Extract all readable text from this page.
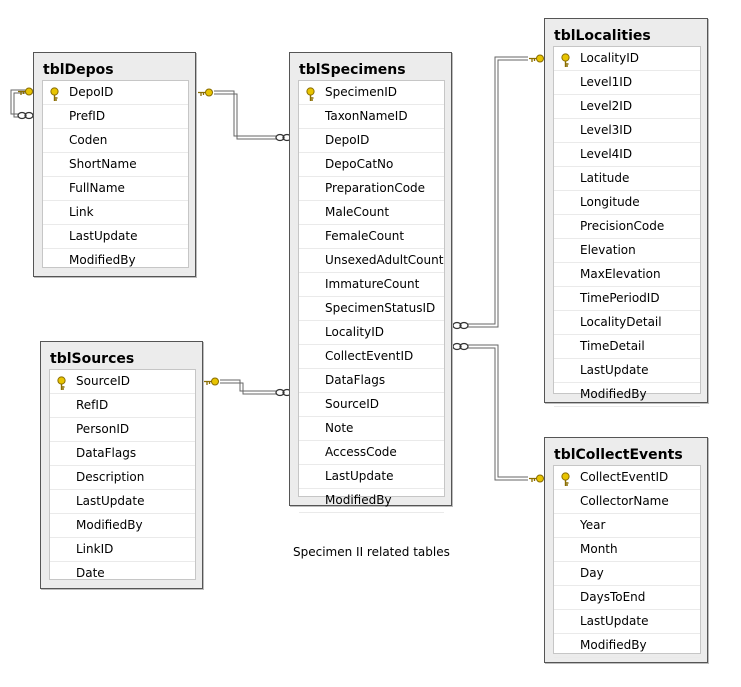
tblDepos
DepoID
PrefID
Coden
ShortName
FullName
Link
LastUpdate
ModifiedBy
tblSpecimens
SpecimenID
TaxonNameID
DepoID
DepoCatNo
PreparationCode
MaleCount
FemaleCount
UnsexedAdultCount
ImmatureCount
SpecimenStatusID
LocalityID
CollectEventID
DataFlags
SourceID
Note
AccessCode
LastUpdate
ModifiedBy
tblLocalities
LocalityID
Level1ID
Level2ID
Level3ID
Level4ID
Latitude
Longitude
PrecisionCode
Elevation
MaxElevation
TimePeriodID
LocalityDetail
TimeDetail
LastUpdate
ModifiedBy
tblSources
SourceID
RefID
PersonID
DataFlags
Description
LastUpdate
ModifiedBy
LinkID
Date
tblCollectEvents
CollectEventID
CollectorName
Year
Month
Day
DaysToEnd
LastUpdate
ModifiedBy
Specimen II related tables
